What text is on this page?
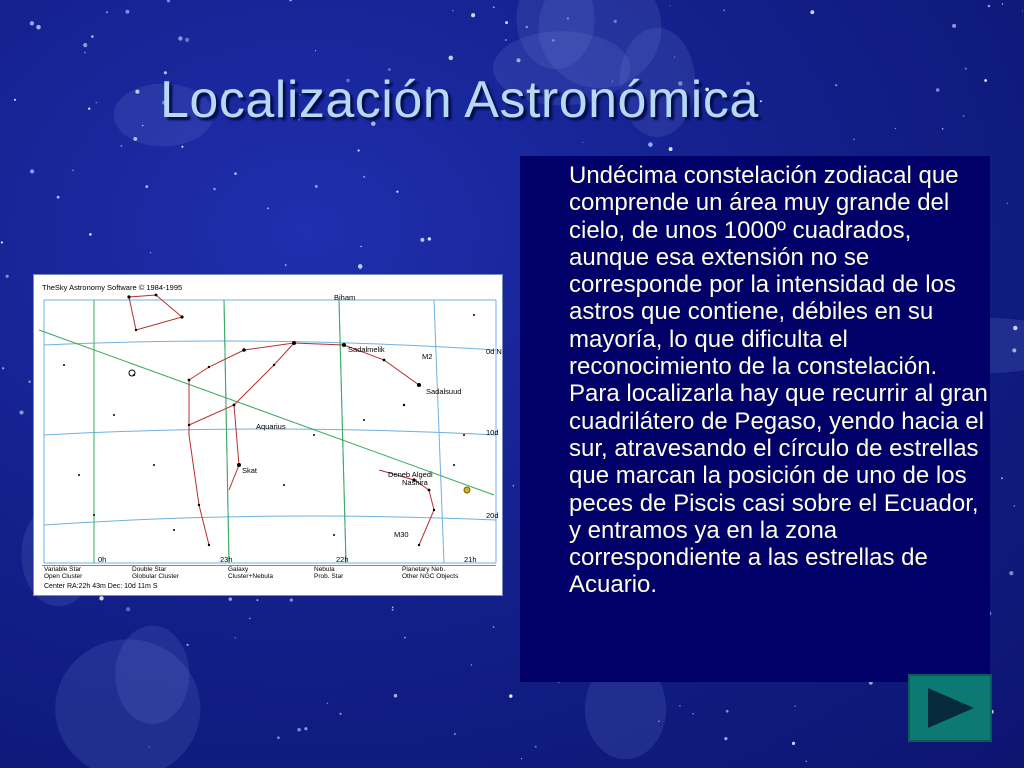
Localización Astronómica

Undécima constelación zodiacal que comprende un área muy grande del cielo, de unos 1000º cuadrados, aunque esa extensión no se corresponde por la intensidad de los astros que contiene, débiles en su mayoría, lo que dificulta el reconocimiento de la constelación. Para localizarla hay que recurrir al gran cuadrilátero de Pegaso, yendo hacia el sur, atravesando el círculo de estrellas que marcan la posición de uno de los peces de Piscis casi sobre el Ecuador, y entramos ya en la zona correspondiente a las estrellas de Acuario.

TheSky Astronomy Software © 1984-1995
Biham
Sadalmelik
M2
Sadalsuud
Aquarius
Skat	Deneb Algedi
Nashira
M30
0d N
10d
20d
0h	23h	22h	21h
Variable Star	Double Star	Galaxy	Nebula	Planetary Neb.
Open Cluster	Globular Cluster	Cluster+Nebula	Prob. Star	Other NGC Objects
Center RA:22h 43m Dec: 10d 11m S
